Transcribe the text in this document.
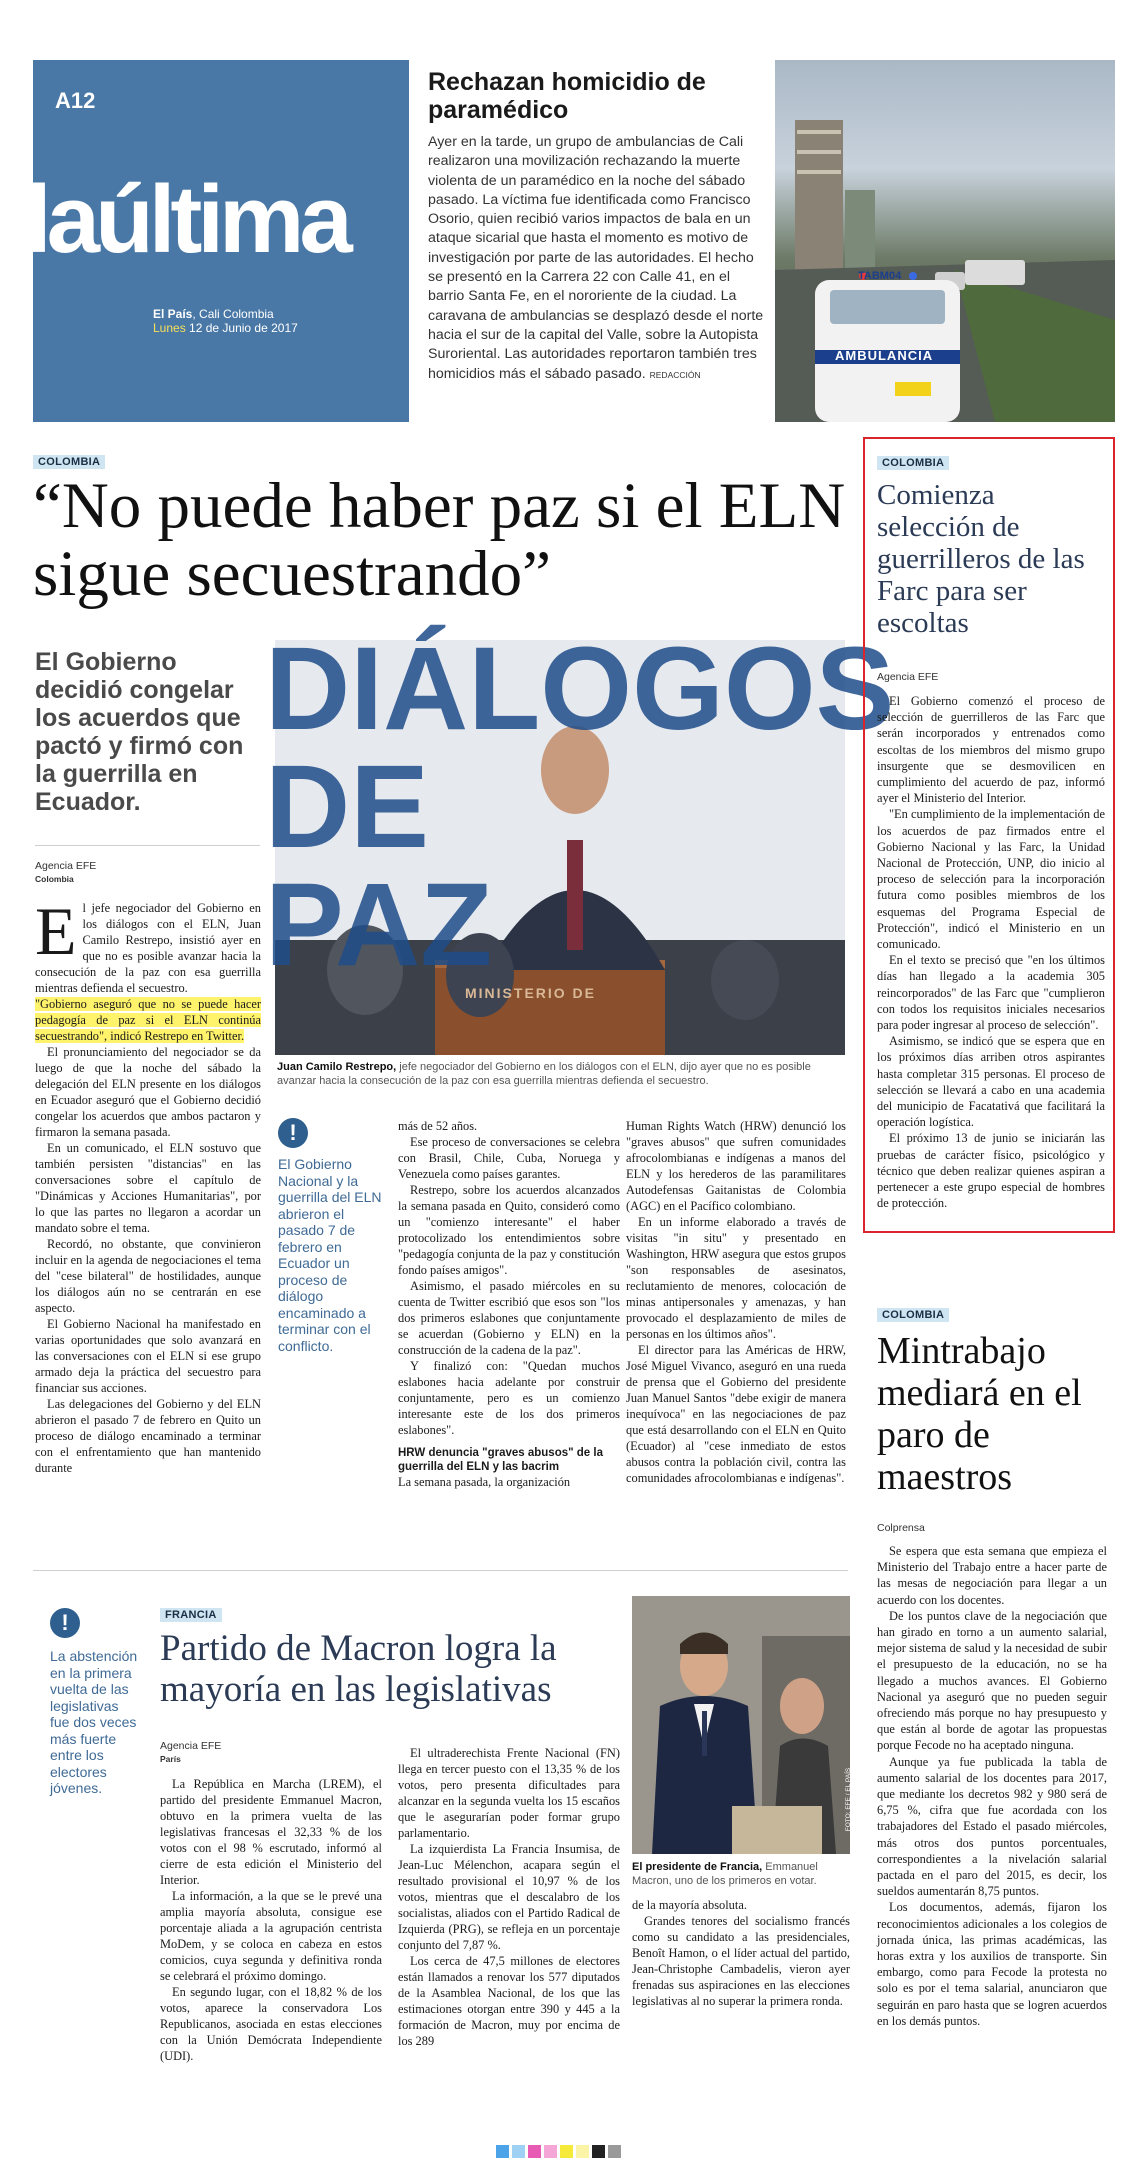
A12
laúltima
El País, Cali Colombia
Lunes 12 de Junio de 2017
Rechazan homicidio de paramédico
Ayer en la tarde, un grupo de ambulancias de Cali realizaron una movilización rechazando la muerte violenta de un paramédico en la noche del sábado pasado. La víctima fue identificada como Francisco Osorio, quien recibió varios impactos de bala en un ataque sicarial que hasta el momento es motivo de investigación por parte de las autoridades. El hecho se presentó en la Carrera 22 con Calle 41, en el barrio Santa Fe, en el nororiente de la ciudad. La caravana de ambulancias se desplazó desde el norte hacia el sur de la capital del Valle, sobre la Autopista Suroriental. Las autoridades reportaron también tres homicidios más el sábado pasado. REDACCIÓN
TABM04
AMBULANCIA	FOTO: CORTESÍA PARA EL PAÍS
COLOMBIA
“No puede haber paz si el ELN sigue secuestrando”
El Gobierno decidió congelar los acuerdos que pactó y firmó con la guerrilla en Ecuador.
Agencia EFE
Colombia
DIÁLOGOS DE PAZ
MINISTERIO DE
FOTO: ARCHIVO COLPRENSA / EL PAÍS
Juan Camilo Restrepo, jefe negociador del Gobierno en los diálogos con el ELN, dijo ayer que no es posible avanzar hacia la consecución de la paz con esa guerrilla mientras defienda el secuestro.
E l jefe negociador del Gobierno en los diálogos con el ELN, Juan Camilo Restrepo, insistió ayer en que no es posible avanzar hacia la consecución de la paz con esa guerrilla mientras defienda el secuestro.

"Gobierno aseguró que no se puede hacer pedagogía de paz si el ELN continúa secuestrando", indicó Restrepo en Twitter.

El pronunciamiento del negociador se da luego de que la noche del sábado la delegación del ELN presente en los diálogos en Ecuador aseguró que el Gobierno decidió congelar los acuerdos que ambos pactaron y firmaron la semana pasada.

En un comunicado, el ELN sostuvo que también persisten "distancias" en las conversaciones sobre el capítulo de "Dinámicas y Acciones Humanitarias", por lo que las partes no llegaron a acordar un mandato sobre el tema.

Recordó, no obstante, que convinieron incluir en la agenda de negociaciones el tema del "cese bilateral" de hostilidades, aunque los diálogos aún no se centrarán en ese aspecto.

El Gobierno Nacional ha manifestado en varias oportunidades que solo avanzará en las conversaciones con el ELN si ese grupo armado deja la práctica del secuestro para financiar sus acciones.

Las delegaciones del Gobierno y del ELN abrieron el pasado 7 de febrero en Quito un proceso de diálogo encaminado a terminar con el enfrentamiento que han mantenido durante

!
El Gobierno Nacional y la guerrilla del ELN abrieron el pasado 7 de febrero en Ecuador un proceso de diálogo encaminado a terminar con el conflicto.

más de 52 años.

Ese proceso de conversaciones se celebra con Brasil, Chile, Cuba, Noruega y Venezuela como países garantes.

Restrepo, sobre los acuerdos alcanzados la semana pasada en Quito, consideró como un "comienzo interesante" el haber protocolizado los entendimientos sobre "pedagogía conjunta de la paz y constitución fondo países amigos".

Asimismo, el pasado miércoles en su cuenta de Twitter escribió que esos son "los dos primeros eslabones que conjuntamente se acuerdan (Gobierno y ELN) en la construcción de la cadena de la paz".

Y finalizó con: "Quedan muchos eslabones hacia adelante por construir conjuntamente, pero es un comienzo interesante este de los dos primeros eslabones".

HRW denuncia "graves abusos" de la guerrilla del ELN y las bacrim

La semana pasada, la organización

Human Rights Watch (HRW) denunció los "graves abusos" que sufren comunidades afrocolombianas e indígenas a manos del ELN y los herederos de las paramilitares Autodefensas Gaitanistas de Colombia (AGC) en el Pacífico colombiano.

En un informe elaborado a través de visitas "in situ" y presentado en Washington, HRW asegura que estos grupos "son responsables de asesinatos, reclutamiento de menores, colocación de minas antipersonales y amenazas, y han provocado el desplazamiento de miles de personas en los últimos años".

El director para las Américas de HRW, José Miguel Vivanco, aseguró en una rueda de prensa que el Gobierno del presidente Juan Manuel Santos "debe exigir de manera inequívoca" en las negociaciones de paz que está desarrollando con el ELN en Quito (Ecuador) al "cese inmediato de estos abusos contra la población civil, contra las comunidades afrocolombianas e indígenas".

COLOMBIA
Comienza selección de guerrilleros de las Farc para ser escoltas
Agencia EFE

El Gobierno comenzó el proceso de selección de guerrilleros de las Farc que serán incorporados y entrenados como escoltas de los miembros del mismo grupo insurgente que se desmovilicen en cumplimiento del acuerdo de paz, informó ayer el Ministerio del Interior.

"En cumplimiento de la implementación de los acuerdos de paz firmados entre el Gobierno Nacional y las Farc, la Unidad Nacional de Protección, UNP, dio inicio al proceso de selección para la incorporación futura como posibles miembros de los esquemas del Programa Especial de Protección", indicó el Ministerio en un comunicado.

En el texto se precisó que "en los últimos días han llegado a la academia 305 reincorporados" de las Farc que "cumplieron con todos los requisitos iniciales necesarios para poder ingresar al proceso de selección".

Asimismo, se indicó que se espera que en los próximos días arriben otros aspirantes hasta completar 315 personas. El proceso de selección se llevará a cabo en una academia del municipio de Facatativá que facilitará la operación logística.

El próximo 13 de junio se iniciarán las pruebas de carácter físico, psicológico y técnico que deben realizar quienes aspiran a pertenecer a este grupo especial de hombres de protección.

COLOMBIA
Mintrabajo mediará en el paro de maestros
Colprensa

Se espera que esta semana que empieza el Ministerio del Trabajo entre a hacer parte de las mesas de negociación para llegar a un acuerdo con los docentes.

De los puntos clave de la negociación que han girado en torno a un aumento salarial, mejor sistema de salud y la necesidad de subir el presupuesto de la educación, no se ha llegado a muchos avances. El Gobierno Nacional ya aseguró que no pueden seguir ofreciendo más porque no hay presupuesto y que están al borde de agotar las propuestas porque Fecode no ha aceptado ninguna.

Aunque ya fue publicada la tabla de aumento salarial de los docentes para 2017, que mediante los decretos 982 y 980 será de 6,75 %, cifra que fue acordada con los trabajadores del Estado el pasado miércoles, más otros dos puntos porcentuales, correspondientes a la nivelación salarial pactada en el paro del 2015, es decir, los sueldos aumentarán 8,75 puntos.

Los documentos, además, fijaron los reconocimientos adicionales a los colegios de jornada única, las primas académicas, las horas extra y los auxilios de transporte. Sin embargo, como para Fecode la protesta no solo es por el tema salarial, anunciaron que seguirán en paro hasta que se logren acuerdos en los demás puntos.

!
La abstención en la primera vuelta de las legislativas fue dos veces más fuerte entre los electores jóvenes.
FRANCIA
Partido de Macron logra la mayoría en las legislativas
Agencia EFE
París

La República en Marcha (LREM), el partido del presidente Emmanuel Macron, obtuvo en la primera vuelta de las legislativas francesas el 32,33 % de los votos con el 98 % escrutado, informó al cierre de esta edición el Ministerio del Interior.

La información, a la que se le prevé una amplia mayoría absoluta, consigue ese porcentaje aliada a la agrupación centrista MoDem, y se coloca en cabeza en estos comicios, cuya segunda y definitiva ronda se celebrará el próximo domingo.

En segundo lugar, con el 18,82 % de los votos, aparece la conservadora Los Republicanos, asociada en estas elecciones con la Unión Demócrata Independiente (UDI).

El ultraderechista Frente Nacional (FN) llega en tercer puesto con el 13,35 % de los votos, pero presenta dificultades para alcanzar en la segunda vuelta los 15 escaños que le asegurarían poder formar grupo parlamentario.

La izquierdista La Francia Insumisa, de Jean-Luc Mélenchon, acapara según el resultado provisional el 10,97 % de los votos, mientras que el descalabro de los socialistas, aliados con el Partido Radical de Izquierda (PRG), se refleja en un porcentaje conjunto del 7,87 %.

Los cerca de 47,5 millones de electores están llamados a renovar los 577 diputados de la Asamblea Nacional, de los que las estimaciones otorgan entre 390 y 445 a la formación de Macron, muy por encima de los 289

FOTO: EFE / EL PAÍS
El presidente de Francia, Emmanuel Macron, uno de los primeros en votar.

de la mayoría absoluta.

Grandes tenores del socialismo francés como su candidato a las presidenciales, Benoît Hamon, o el líder actual del partido, Jean-Christophe Cambadelis, vieron ayer frenadas sus aspiraciones en las elecciones legislativas al no superar la primera ronda.
